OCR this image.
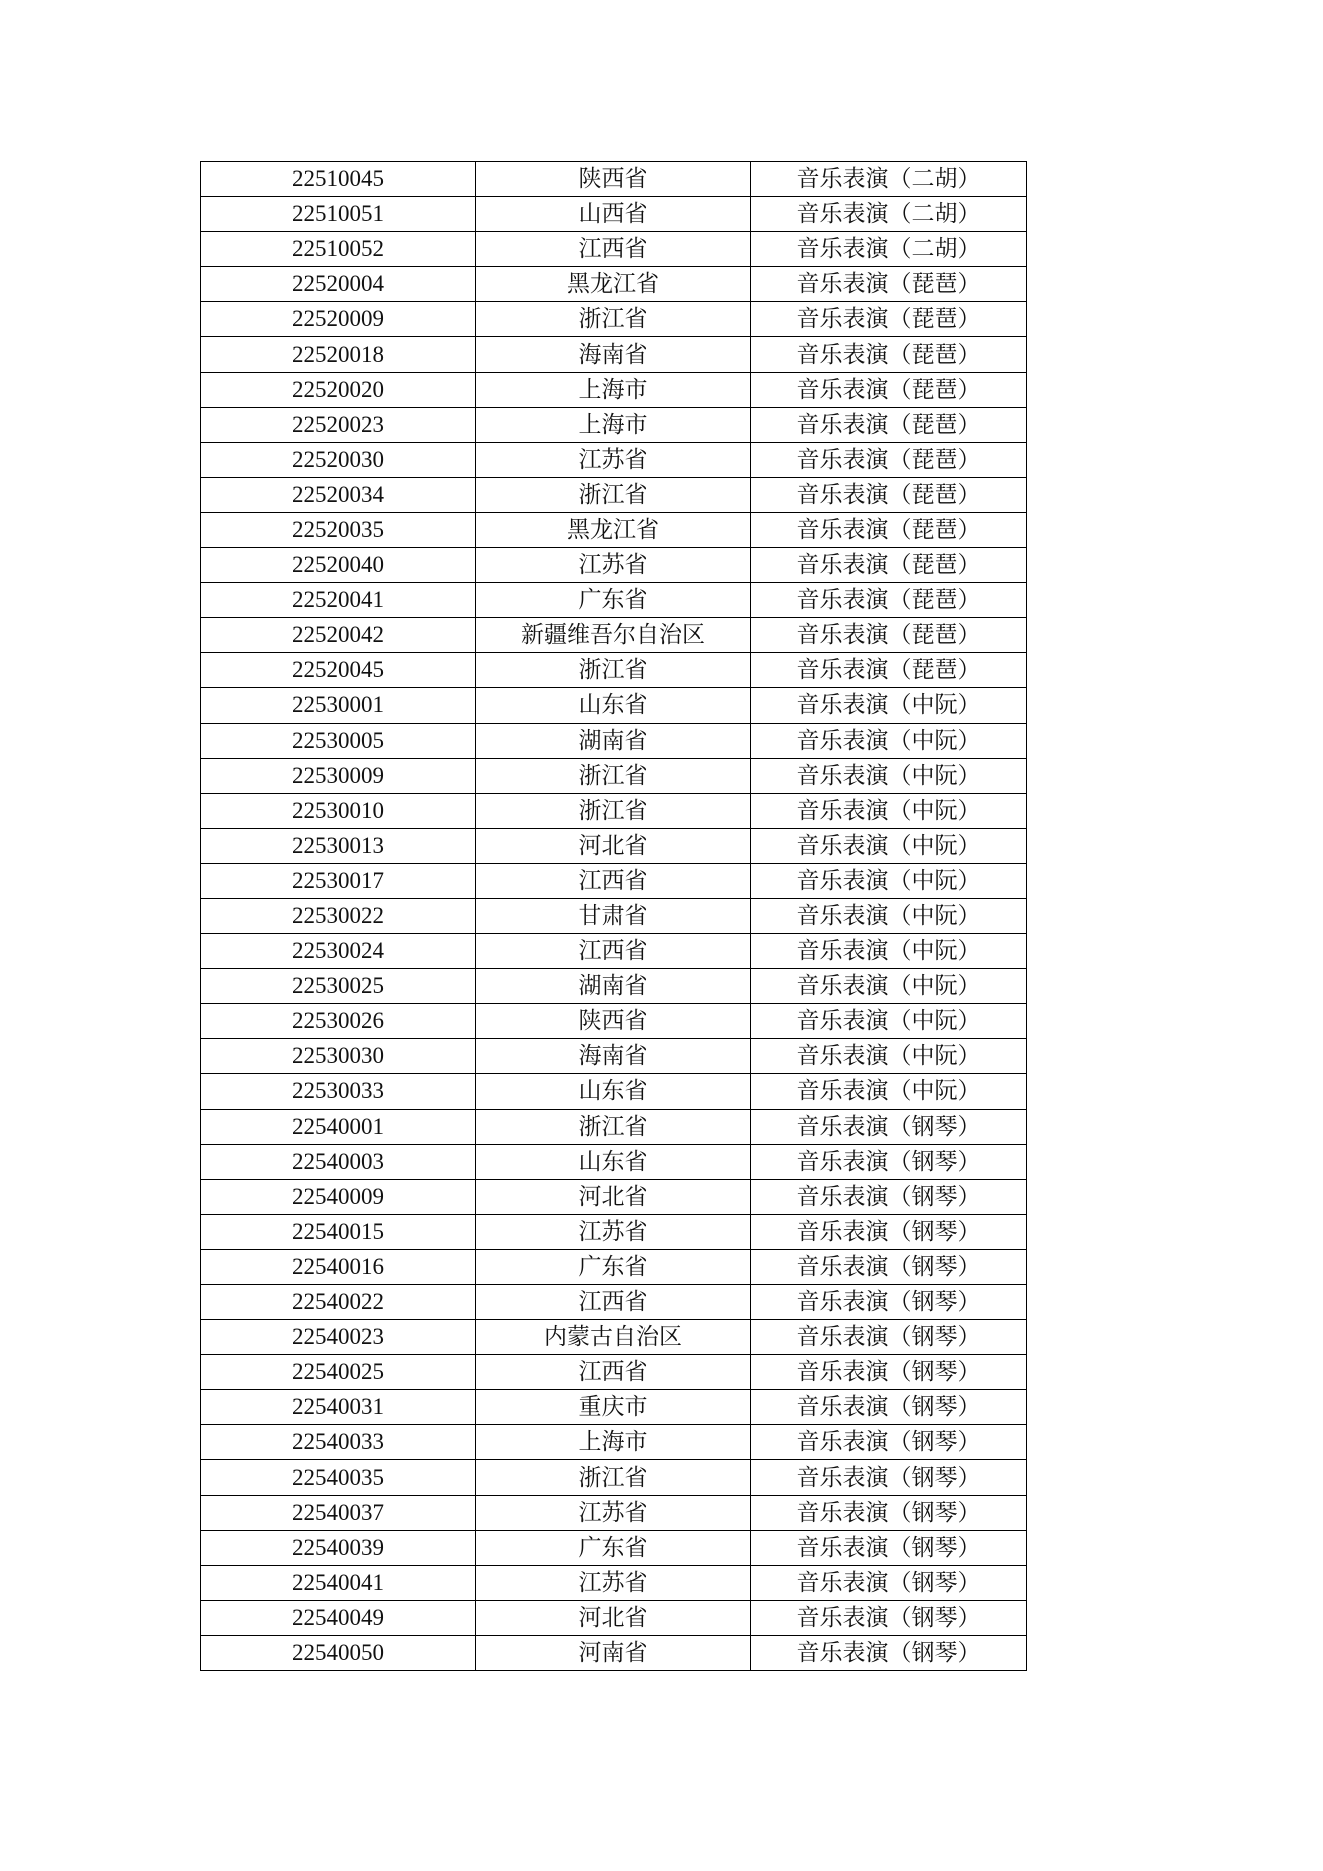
22510045	陕西省	音乐表演（二胡）
22510051	山西省	音乐表演（二胡）
22510052	江西省	音乐表演（二胡）
22520004	黑龙江省	音乐表演（琵琶）
22520009	浙江省	音乐表演（琵琶）
22520018	海南省	音乐表演（琵琶）
22520020	上海市	音乐表演（琵琶）
22520023	上海市	音乐表演（琵琶）
22520030	江苏省	音乐表演（琵琶）
22520034	浙江省	音乐表演（琵琶）
22520035	黑龙江省	音乐表演（琵琶）
22520040	江苏省	音乐表演（琵琶）
22520041	广东省	音乐表演（琵琶）
22520042	新疆维吾尔自治区	音乐表演（琵琶）
22520045	浙江省	音乐表演（琵琶）
22530001	山东省	音乐表演（中阮）
22530005	湖南省	音乐表演（中阮）
22530009	浙江省	音乐表演（中阮）
22530010	浙江省	音乐表演（中阮）
22530013	河北省	音乐表演（中阮）
22530017	江西省	音乐表演（中阮）
22530022	甘肃省	音乐表演（中阮）
22530024	江西省	音乐表演（中阮）
22530025	湖南省	音乐表演（中阮）
22530026	陕西省	音乐表演（中阮）
22530030	海南省	音乐表演（中阮）
22530033	山东省	音乐表演（中阮）
22540001	浙江省	音乐表演（钢琴）
22540003	山东省	音乐表演（钢琴）
22540009	河北省	音乐表演（钢琴）
22540015	江苏省	音乐表演（钢琴）
22540016	广东省	音乐表演（钢琴）
22540022	江西省	音乐表演（钢琴）
22540023	内蒙古自治区	音乐表演（钢琴）
22540025	江西省	音乐表演（钢琴）
22540031	重庆市	音乐表演（钢琴）
22540033	上海市	音乐表演（钢琴）
22540035	浙江省	音乐表演（钢琴）
22540037	江苏省	音乐表演（钢琴）
22540039	广东省	音乐表演（钢琴）
22540041	江苏省	音乐表演（钢琴）
22540049	河北省	音乐表演（钢琴）
22540050	河南省	音乐表演（钢琴）
